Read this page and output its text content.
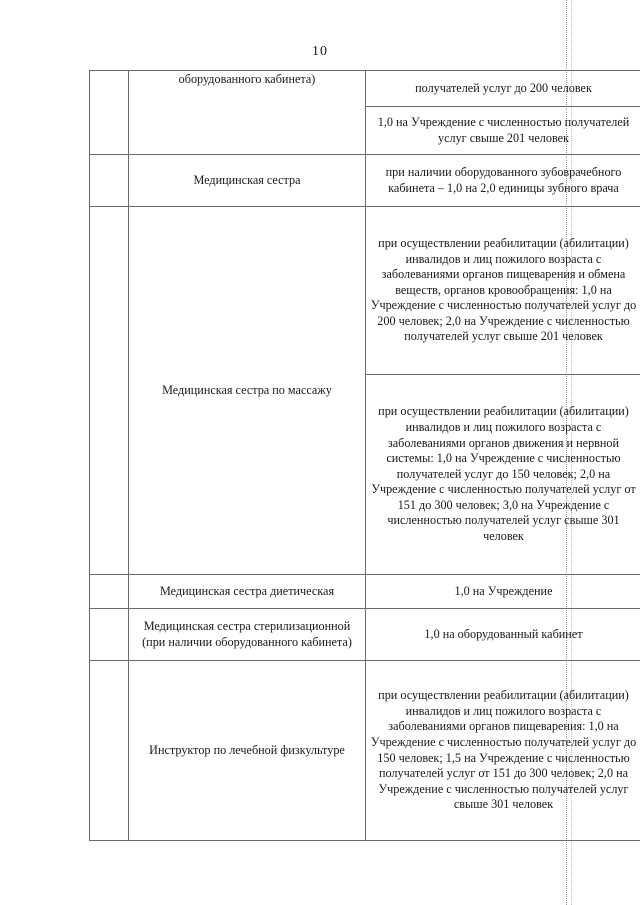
10
	оборудованного кабинета)	получателей услуг до 200 человек
		1,0 на Учреждение с численностью получателей услуг свыше 201 человек
	Медицинская сестра	при наличии оборудованного зубоврачебного кабинета – 1,0 на 2,0 единицы зубного врача
	Медицинская сестра по массажу	при осуществлении реабилитации (абилитации) инвалидов и лиц пожилого возраста с заболеваниями органов пищеварения и обмена веществ, органов кровообращения: 1,0 на Учреждение с численностью получателей услуг до 200 человек; 2,0 на Учреждение с численностью получателей услуг свыше 201 человек
		при осуществлении реабилитации (абилитации) инвалидов и лиц пожилого возраста с заболеваниями органов движения и нервной системы: 1,0 на Учреждение с численностью получателей услуг до 150 человек; 2,0 на Учреждение с численностью получателей услуг от 151 до 300 человек; 3,0 на Учреждение с численностью получателей услуг свыше 301 человек
	Медицинская сестра диетическая	1,0 на Учреждение
	Медицинская сестра стерилизационной (при наличии оборудованного кабинета)	1,0 на оборудованный кабинет
	Инструктор по лечебной физкультуре	при осуществлении реабилитации (абилитации) инвалидов и лиц пожилого возраста с заболеваниями органов пищеварения: 1,0 на Учреждение с численностью получателей услуг до 150 человек; 1,5 на Учреждение с численностью получателей услуг от 151 до 300 человек; 2,0 на Учреждение с численностью получателей услуг свыше 301 человек
